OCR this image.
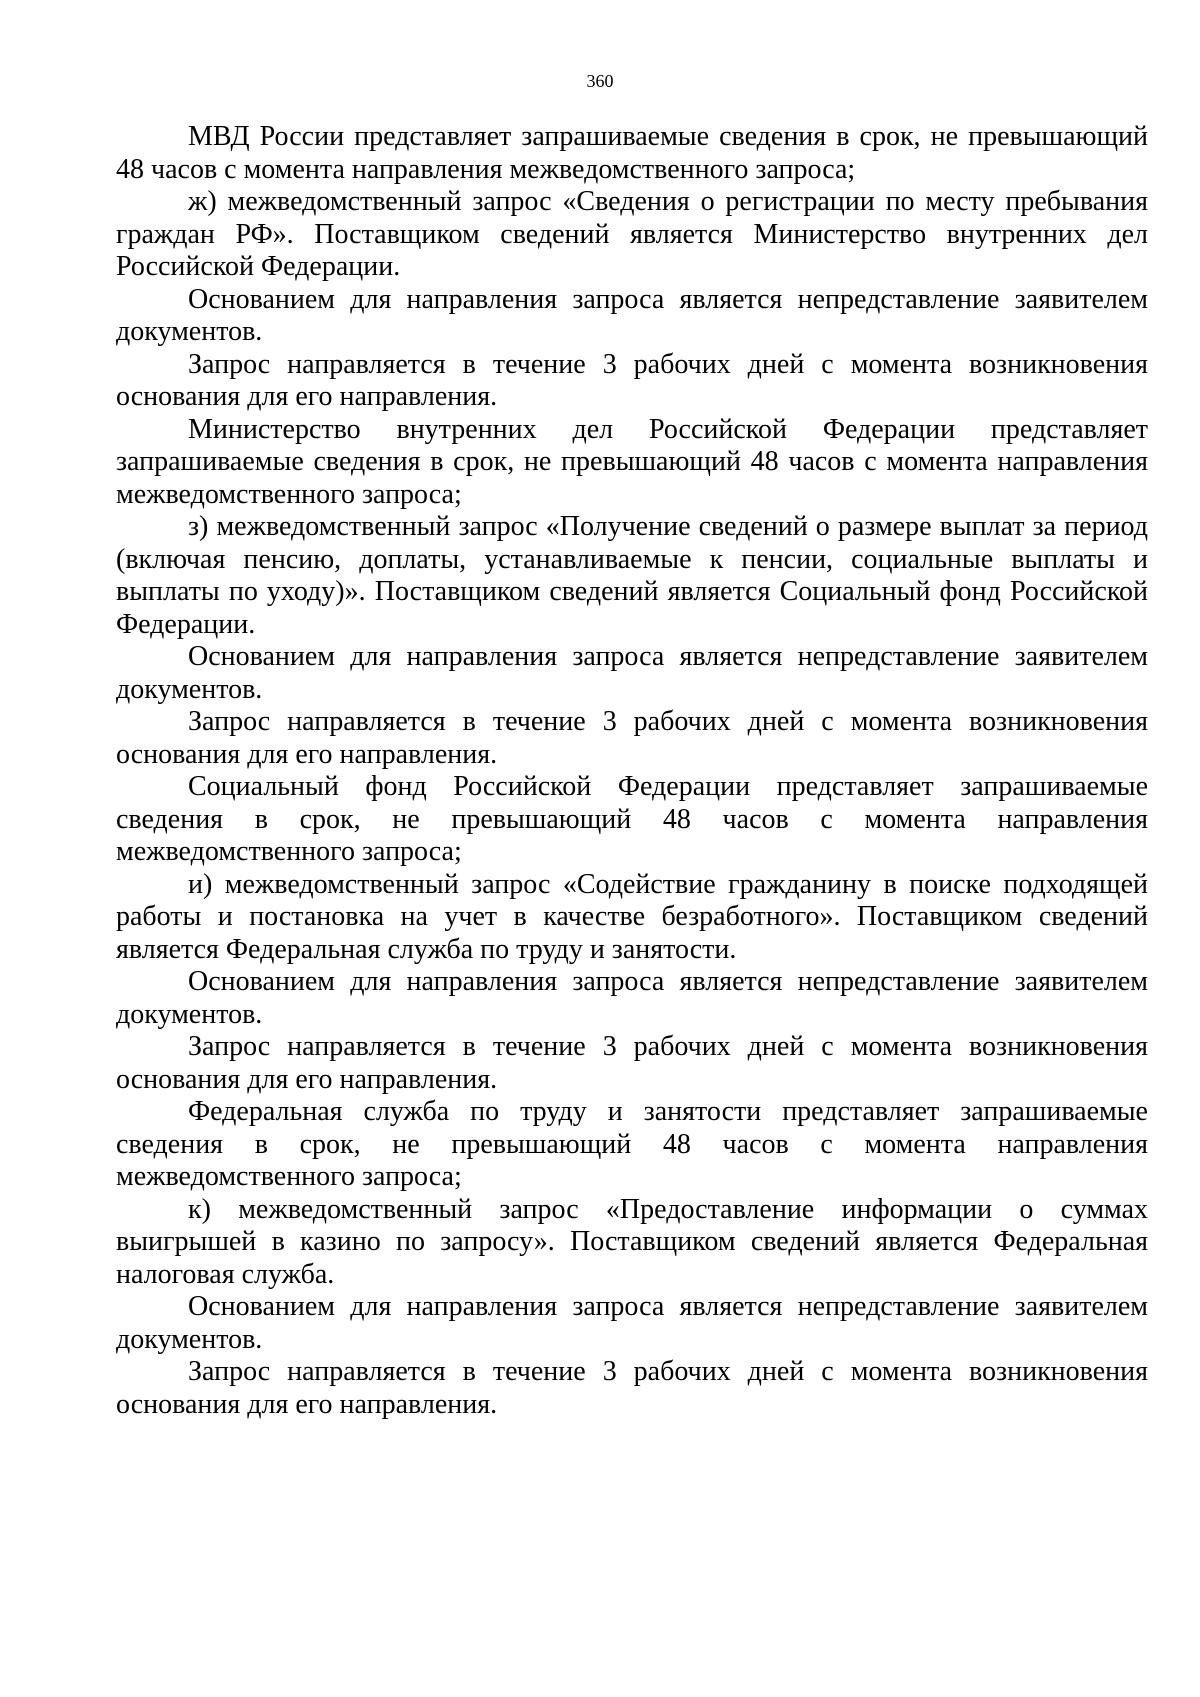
360

МВД России представляет запрашиваемые сведения в срок, не превышающий 48 часов с момента направления межведомственного запроса;

ж) межведомственный запрос «Сведения о регистрации по месту пребывания граждан РФ». Поставщиком сведений является Министерство внутренних дел Российской Федерации.

Основанием для направления запроса является непредставление заявителем документов.

Запрос направляется в течение 3 рабочих дней с момента возникновения основания для его направления.

Министерство внутренних дел Российской Федерации представляет запрашиваемые сведения в срок, не превышающий 48 часов с момента направления межведомственного запроса;

з) межведомственный запрос «Получение сведений о размере выплат за период (включая пенсию, доплаты, устанавливаемые к пенсии, социальные выплаты и выплаты по уходу)». Поставщиком сведений является Социальный фонд Российской Федерации.

Основанием для направления запроса является непредставление заявителем документов.

Запрос направляется в течение 3 рабочих дней с момента возникновения основания для его направления.

Социальный фонд Российской Федерации представляет запрашиваемые сведения в срок, не превышающий 48 часов с момента направления межведомственного запроса;

и) межведомственный запрос «Содействие гражданину в поиске подходящей работы и постановка на учет в качестве безработного». Поставщиком сведений является Федеральная служба по труду и занятости.

Основанием для направления запроса является непредставление заявителем документов.

Запрос направляется в течение 3 рабочих дней с момента возникновения основания для его направления.

Федеральная служба по труду и занятости представляет запрашиваемые сведения в срок, не превышающий 48 часов с момента направления межведомственного запроса;

к) межведомственный запрос «Предоставление информации о суммах выигрышей в казино по запросу». Поставщиком сведений является Федеральная налоговая служба.

Основанием для направления запроса является непредставление заявителем документов.

Запрос направляется в течение 3 рабочих дней с момента возникновения основания для его направления.
